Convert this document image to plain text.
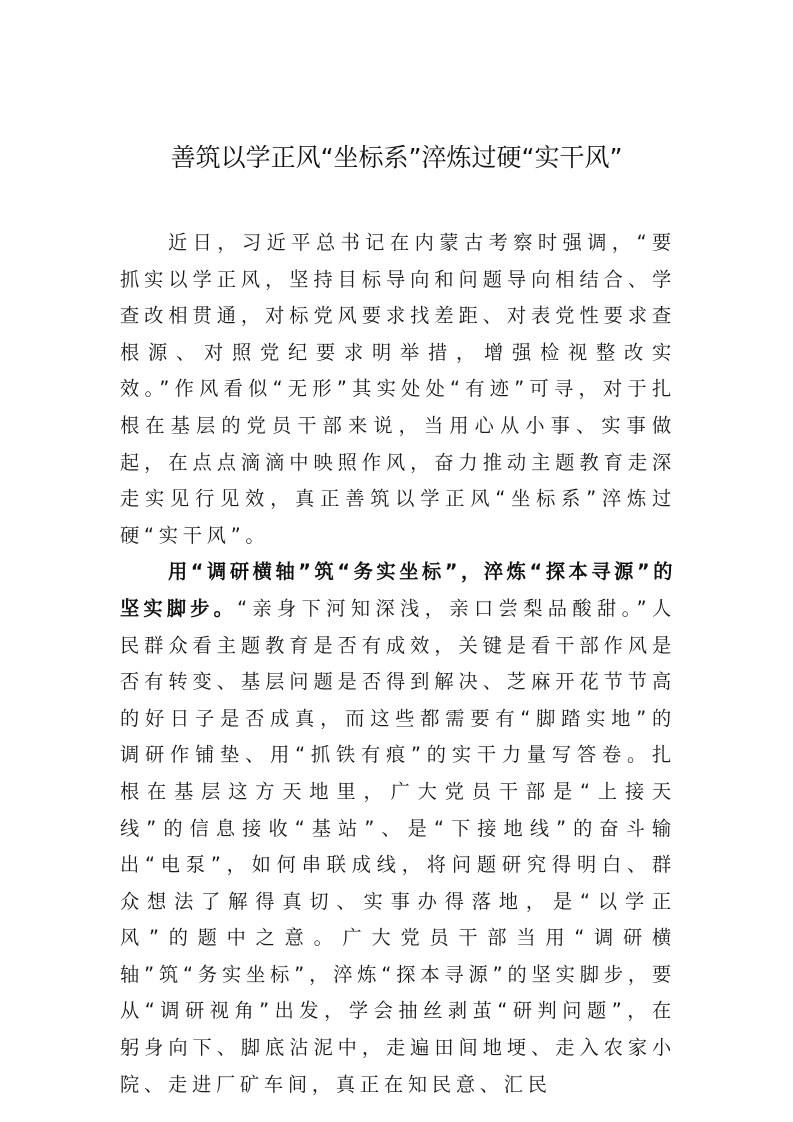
善筑以学正风“坐标系”淬炼过硬“实干风”

近日，习近平总书记在内蒙古考察时强调，“要抓实以学正风，坚持目标导向和问题导向相结合、学查改相贯通，对标党风要求找差距、对表党性要求查根源、对照党纪要求明举措，增强检视整改实效。”作风看似“无形”其实处处“有迹”可寻，对于扎根在基层的党员干部来说，当用心从小事、实事做起，在点点滴滴中映照作风，奋力推动主题教育走深走实见行见效，真正善筑以学正风“坐标系”淬炼过硬“实干风”。

用“调研横轴”筑“务实坐标”，淬炼“探本寻源”的坚实脚步。“亲身下河知深浅，亲口尝梨品酸甜。”人民群众看主题教育是否有成效，关键是看干部作风是否有转变、基层问题是否得到解决、芝麻开花节节高的好日子是否成真，而这些都需要有“脚踏实地”的调研作铺垫、用“抓铁有痕”的实干力量写答卷。扎根在基层这方天地里，广大党员干部是“上接天线”的信息接收“基站”、是“下接地线”的奋斗输出“电泵”，如何串联成线，将问题研究得明白、群众想法了解得真切、实事办得落地，是“以学正风”的题中之意。广大党员干部当用“调研横轴”筑“务实坐标”，淬炼“探本寻源”的坚实脚步，要从“调研视角”出发，学会抽丝剥茧“研判问题”，在躬身向下、脚底沾泥中，走遍田间地埂、走入农家小院、走进厂矿车间，真正在知民意、汇民
